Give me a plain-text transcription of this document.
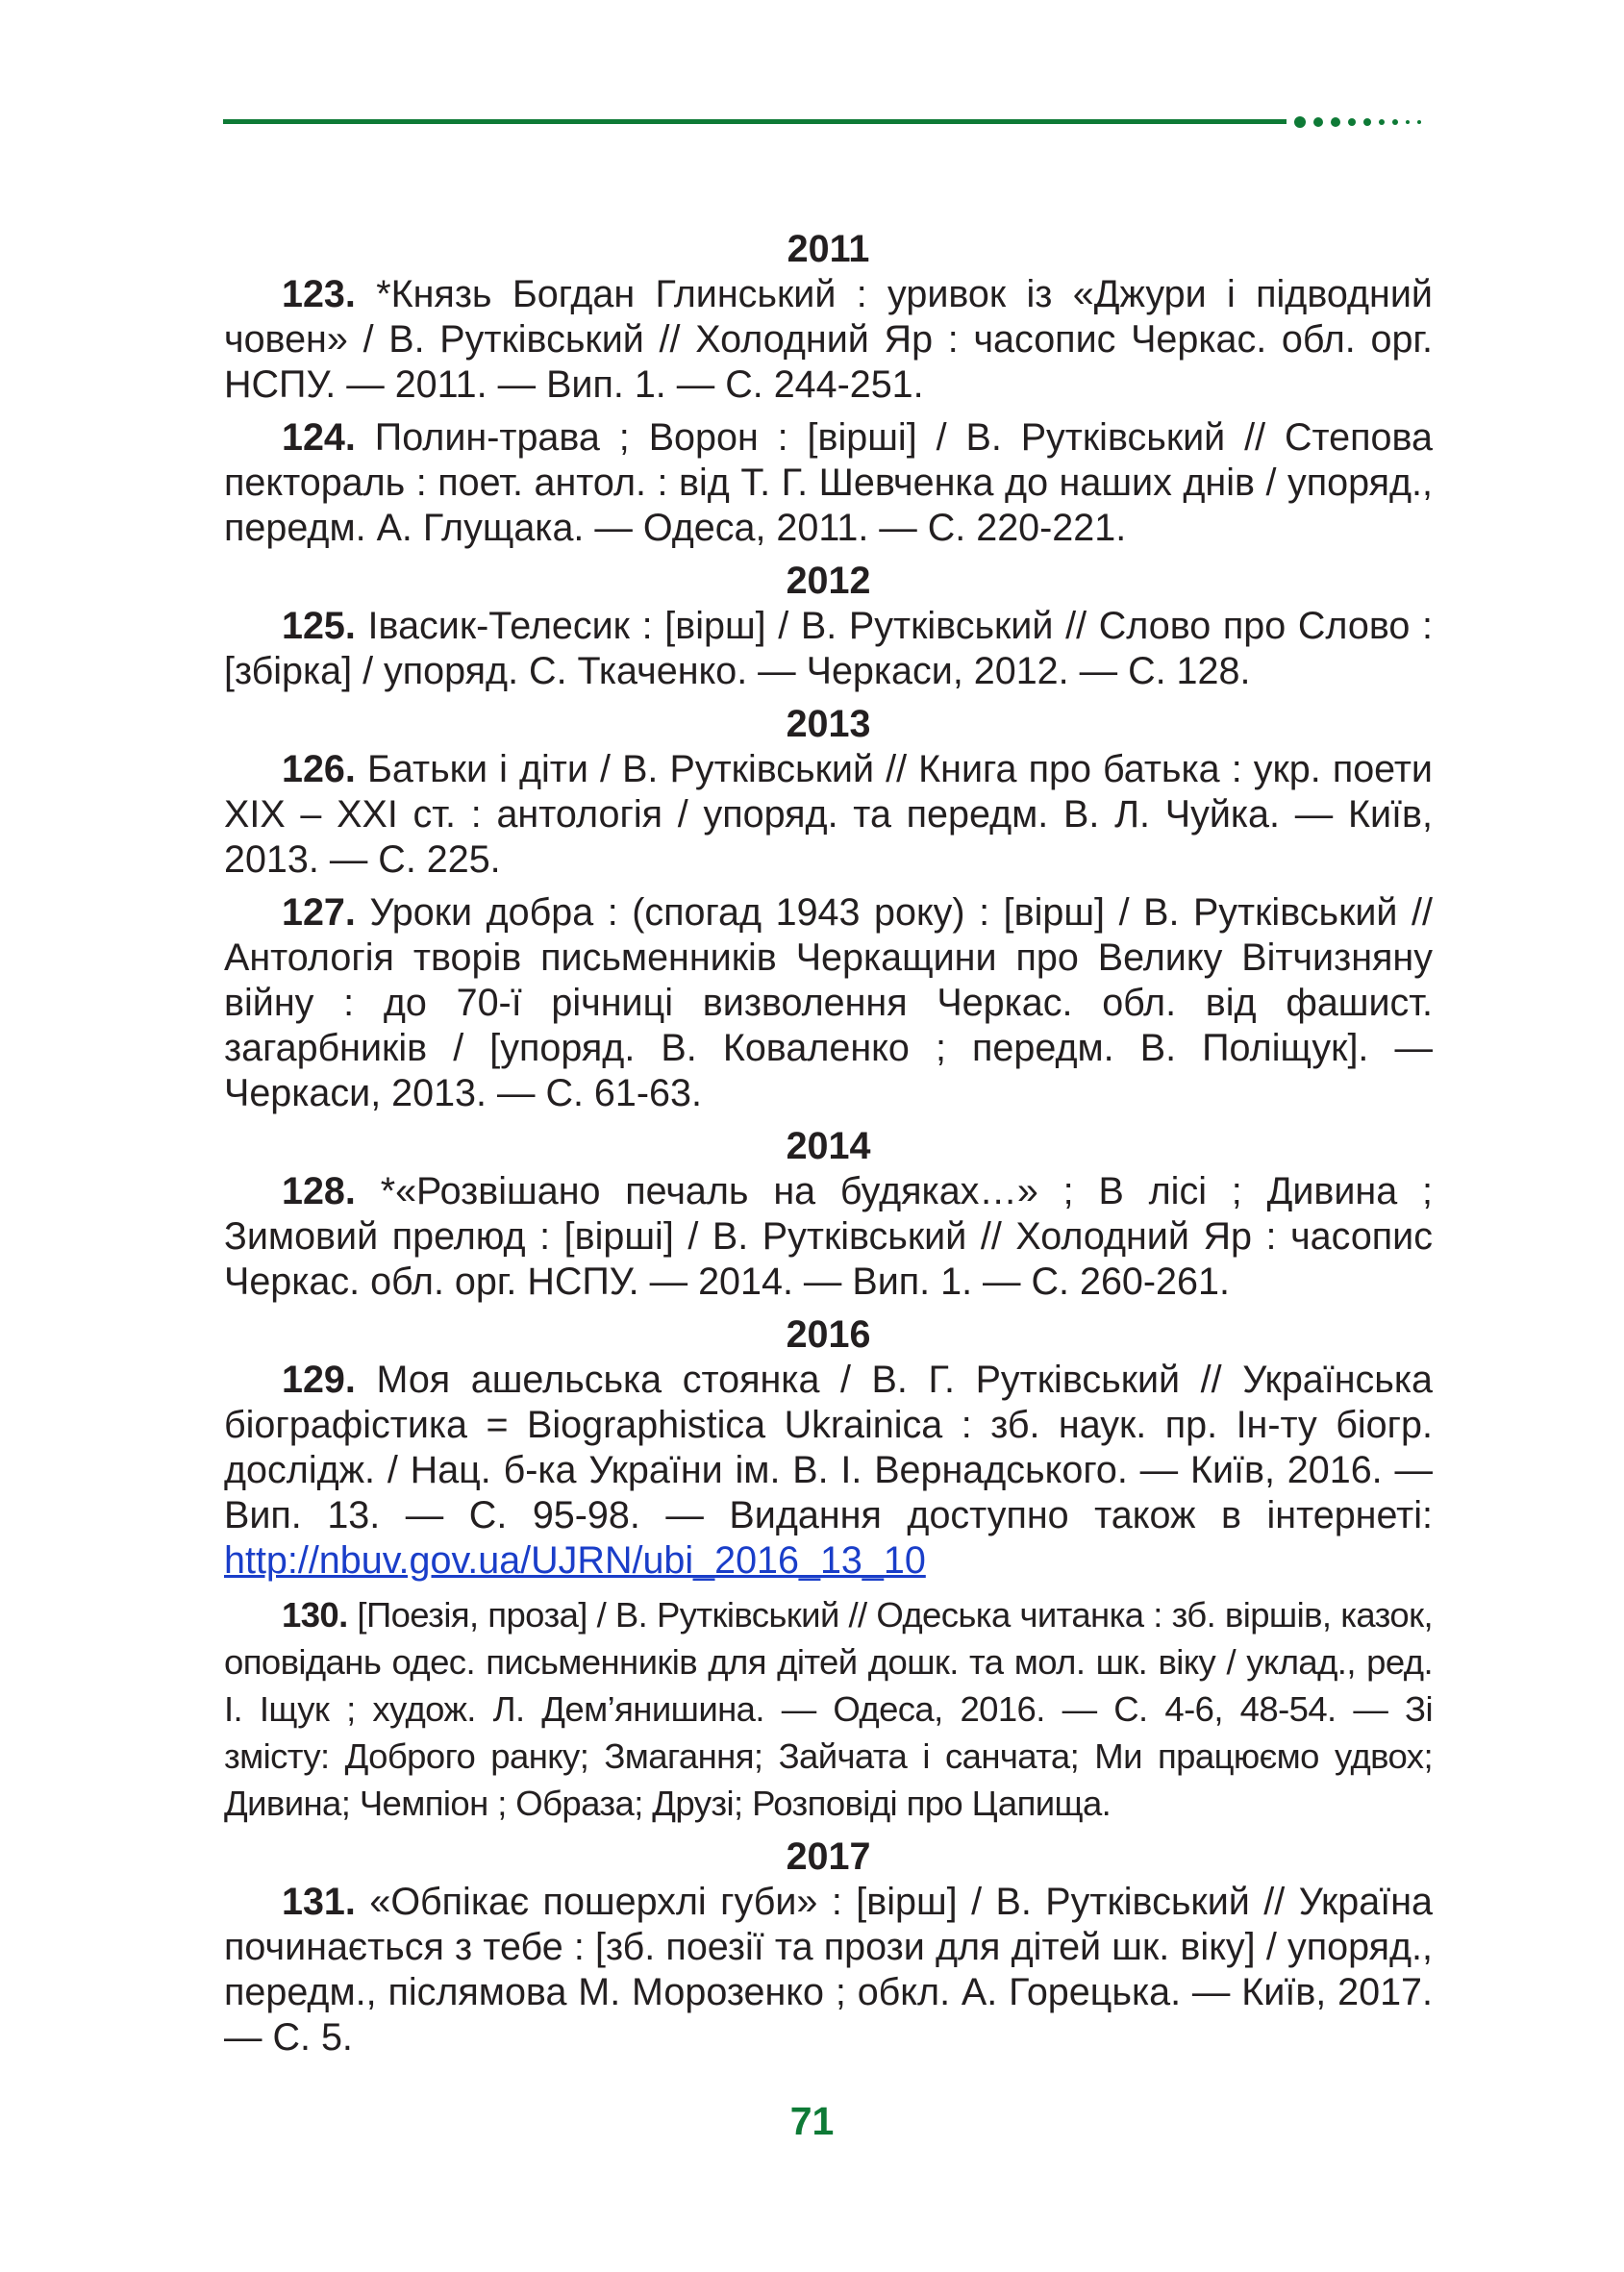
2011

123. *Князь Богдан Глинський : уривок із «Джури і підводний човен» / В. Рутківський // Холодний Яр : часопис Черкас. обл. орг. НСПУ. — 2011. — Вип. 1. — С. 244-251.

124. Полин-трава ; Ворон : [вірші] / В. Рутківський // Степова пектораль : поет. антол. : від Т. Г. Шевченка до наших днів / упоряд., передм. А. Глущака. — Одеса, 2011. — С. 220-221.

2012

125. Івасик-Телесик : [вірш] / В. Рутківський // Слово про Слово : [збірка] / упоряд. С. Ткаченко. — Черкаси, 2012. — С. 128.

2013

126. Батьки і діти / В. Рутківський // Книга про батька : укр. поети XIX – XXI ст. : антологія / упоряд. та передм. В. Л. Чуйка. — Київ, 2013. — С. 225.

127. Уроки добра : (спогад 1943 року) : [вірш] / В. Рутківський // Антологія творів письменників Черкащини про Велику Вітчизняну війну : до 70-ї річниці визволення Черкас. обл. від фашист. загарбників / [упоряд. В. Коваленко ; передм. В. Поліщук]. — Черкаси, 2013. — С. 61-63.

2014

128. *«Розвішано печаль на будяках…» ; В лісі ; Дивина ; Зимовий прелюд : [вірші] / В. Рутківський // Холодний Яр : часопис Черкас. обл. орг. НСПУ. — 2014. — Вип. 1. — С. 260-261.

2016

129. Моя ашельська стоянка / В. Г. Рутківський // Українська біографістика = Biographistica Ukrainica : зб. наук. пр. Ін-ту біогр. дослідж. / Нац. б-ка України ім. В. І. Вернадського. — Київ, 2016. — Вип. 13. — С. 95-98. — Видання доступно також в інтернеті: http://nbuv.gov.ua/UJRN/ubi_2016_13_10

130. [Поезія, проза] / В. Рутківський // Одеська читанка : зб. віршів, казок, оповідань одес. письменників для дітей дошк. та мол. шк. віку / уклад., ред. І. Іщук ; худож. Л. Дем’янишина. — Одеса, 2016. — С. 4-6, 48-54. — Зі змісту: Доброго ранку; Змагання; Зайчата і санчата; Ми працюємо удвох; Дивина; Чемпіон ; Образа; Друзі; Розповіді про Цапища.

2017

131. «Обпікає пошерхлі губи» : [вірш] / В. Рутківський // Україна починається з тебе : [зб. поезії та прози для дітей шк. віку] / упоряд., передм., післямова М. Морозенко ; обкл. А. Горецька. — Київ, 2017. — С. 5.

71
